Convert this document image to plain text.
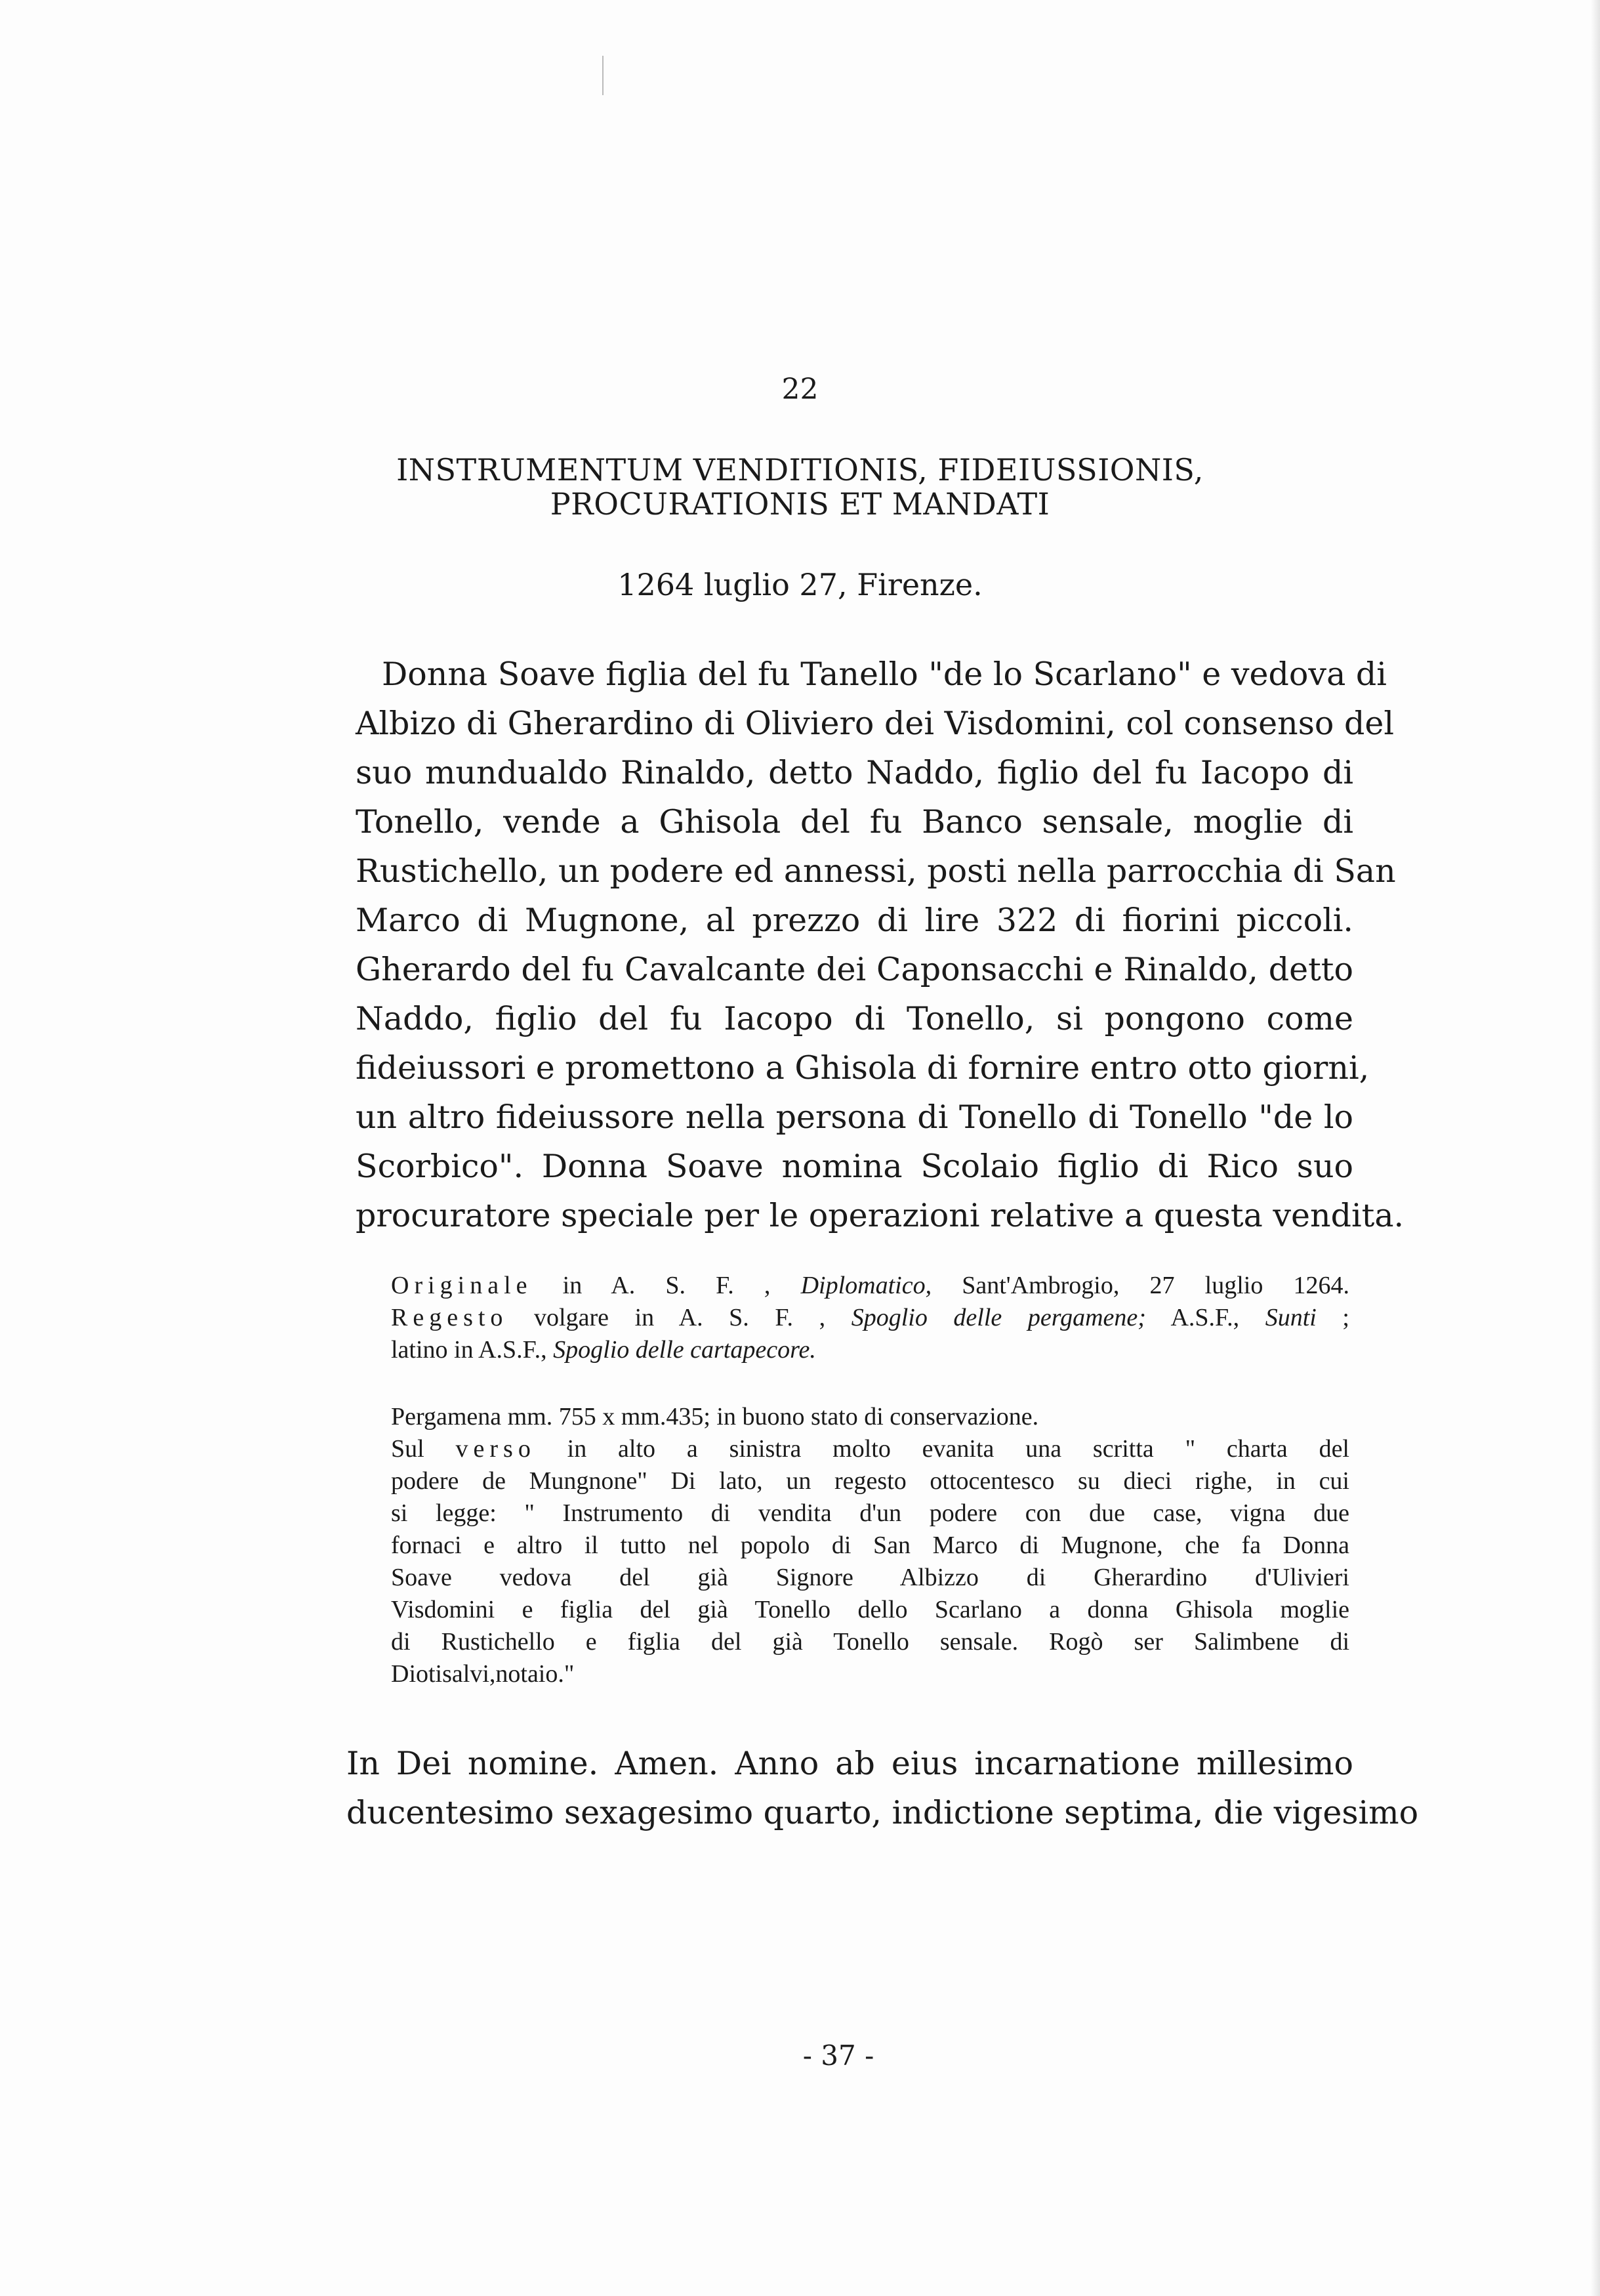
22
INSTRUMENTUM VENDITIONIS, FIDEIUSSIONIS,
PROCURATIONIS ET MANDATI
1264 luglio 27, Firenze.
Donna Soave figlia del fu Tanello "de lo Scarlano" e vedova di
Albizo di Gherardino di Oliviero dei Visdomini, col consenso del
suo mundualdo Rinaldo, detto Naddo, figlio del fu Iacopo di
Tonello, vende a Ghisola del fu Banco sensale, moglie di
Rustichello, un podere ed annessi, posti nella parrocchia di San
Marco di Mugnone, al prezzo di lire 322 di fiorini piccoli.
Gherardo del fu Cavalcante dei Caponsacchi e Rinaldo, detto
Naddo, figlio del fu Iacopo di Tonello, si pongono come
fideiussori e promettono a Ghisola di fornire entro otto giorni,
un altro fideiussore nella persona di Tonello di Tonello "de lo
Scorbico". Donna Soave nomina Scolaio figlio di Rico suo
procuratore speciale per le operazioni relative a questa vendita.
Originale in A. S. F. , Diplomatico, Sant'Ambrogio, 27 luglio 1264.
Regesto volgare in A. S. F. , Spoglio delle pergamene; A.S.F., Sunti ;
latino in A.S.F., Spoglio delle cartapecore.
Pergamena mm. 755 x mm.435; in buono stato di conservazione.
Sul verso in alto a sinistra molto evanita una scritta " charta del
podere de Mungnone" Di lato, un regesto ottocentesco su dieci righe, in cui
si legge: " Instrumento di vendita d'un podere con due case, vigna due
fornaci e altro il tutto nel popolo di San Marco di Mugnone, che fa Donna
Soave vedova del già Signore Albizzo di Gherardino d'Ulivieri
Visdomini e figlia del già Tonello dello Scarlano a donna Ghisola moglie
di Rustichello e figlia del già Tonello sensale. Rogò ser Salimbene di
Diotisalvi,notaio."
In Dei nomine. Amen. Anno ab eius incarnatione millesimo
ducentesimo sexagesimo quarto, indictione septima, die vigesimo
- 37 -
